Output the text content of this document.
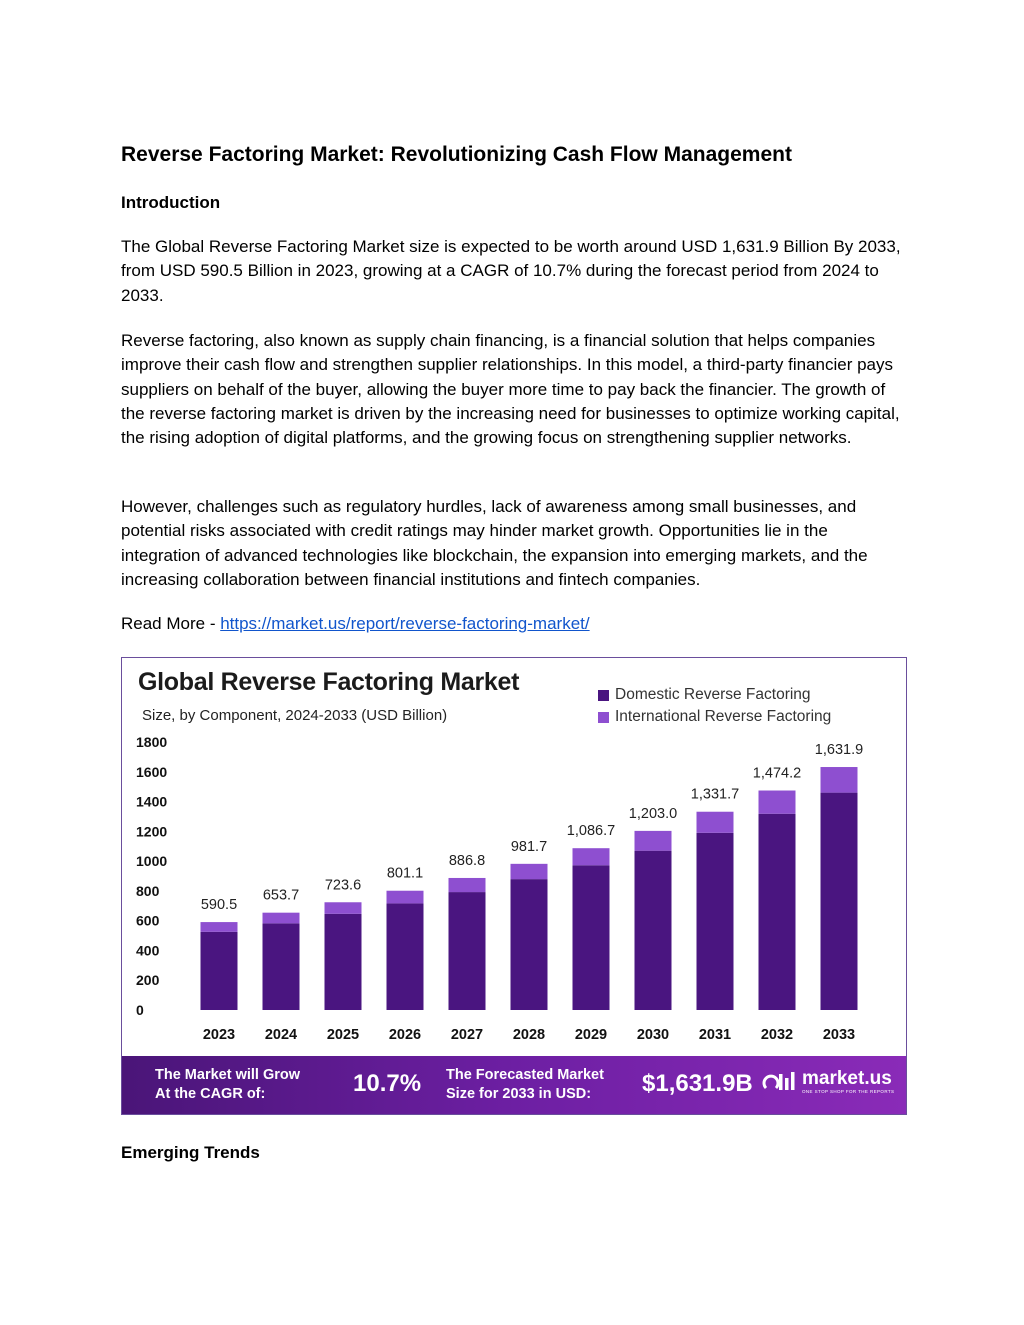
Reverse Factoring Market: Revolutionizing Cash Flow Management
Introduction

The Global Reverse Factoring Market size is expected to be worth around USD 1,631.9 Billion By 2033, from USD 590.5 Billion in 2023, growing at a CAGR of 10.7% during the forecast period from 2024 to 2033.

Reverse factoring, also known as supply chain financing, is a financial solution that helps companies improve their cash flow and strengthen supplier relationships. In this model, a third-party financier pays suppliers on behalf of the buyer, allowing the buyer more time to pay back the financier. The growth of the reverse factoring market is driven by the increasing need for businesses to optimize working capital, the rising adoption of digital platforms, and the growing focus on strengthening supplier networks.

However, challenges such as regulatory hurdles, lack of awareness among small businesses, and potential risks associated with credit ratings may hinder market growth. Opportunities lie in the integration of advanced technologies like blockchain, the expansion into emerging markets, and the increasing collaboration between financial institutions and fintech companies.

Read More - https://market.us/report/reverse-factoring-market/

Emerging Trends
Global Reverse Factoring Market
Size, by Component, 2024-2033 (USD Billion)
Domestic Reverse Factoring
International Reverse Factoring
0
200
400
600
800
1000
1200
1400
1600
1800
590.5
2023
653.7
2024
723.6
2025
801.1
2026
886.8
2027
981.7
2028
1,086.7
2029
1,203.0
2030
1,331.7
2031
1,474.2
2032
1,631.9
2033
The Market will Grow
At the CAGR of:	10.7% The Forecasted Market
Size for 2033 in USD:	$1,631.9B	market.us
ONE STOP SHOP FOR THE REPORTS
